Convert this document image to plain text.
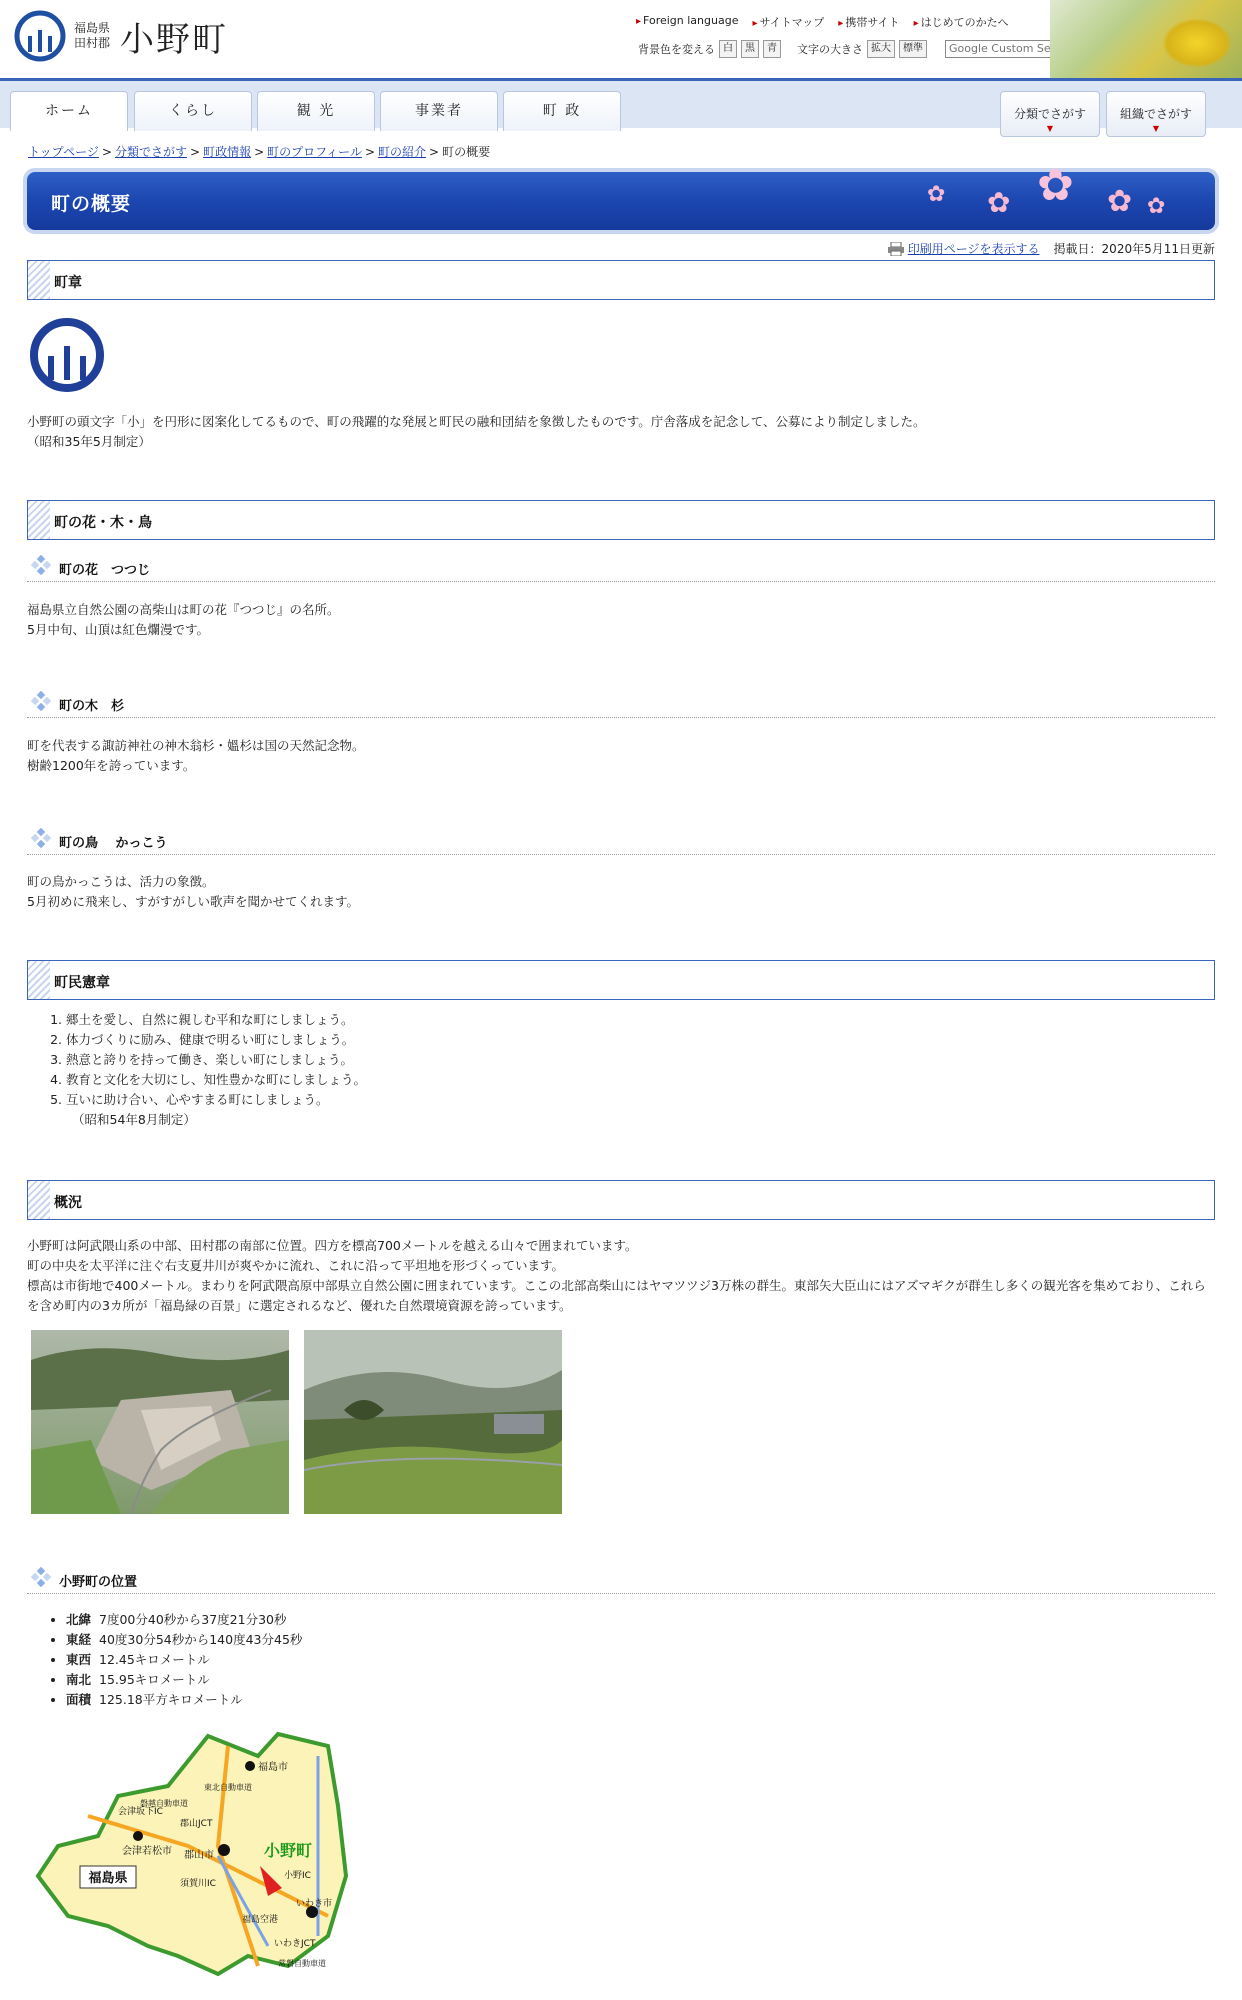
福島県
田村郡 小野町	▸ Foreign language	▸ サイトマップ	▸ 携帯サイト	▸ はじめてのかたへ
背景色を変える 白	黒	青	文字の大きさ 拡大	標準
Google Custom Search
ホーム	くらし	観 光	事業者	町 政	分類でさがす
▼
組織でさがす
▼
トップページ > 分類でさがす > 町政情報 > 町のプロフィール > 町の紹介 > 町の概要
町の概要	✿ ✿ ✿ ✿ ✿
印刷用ページを表示する 掲載日：2020年5月11日更新
町章
小野町の頭文字「小」を円形に図案化してるもので、町の飛躍的な発展と町民の融和団結を象徴したものです。庁舎落成を記念して、公募により制定しました。
（昭和35年5月制定）
町の花・木・鳥
町の花　つつじ
福島県立自然公園の高柴山は町の花『つつじ』の名所。
5月中旬、山頂は紅色爛漫です。
町の木　杉
町を代表する諏訪神社の神木翁杉・媼杉は国の天然記念物。
樹齢1200年を誇っています。
町の鳥　 かっこう
町の鳥かっこうは、活力の象徴。
5月初めに飛来し、すがすがしい歌声を聞かせてくれます。
町民憲章
1. 郷土を愛し、自然に親しむ平和な町にしましょう。
2. 体力づくりに励み、健康で明るい町にしましょう。
3. 熱意と誇りを持って働き、楽しい町にしましょう。
4. 教育と文化を大切にし、知性豊かな町にしましょう。
5. 互いに助け合い、心やすまる町にしましょう。
（昭和54年8月制定）
概況
小野町は阿武隈山系の中部、田村郡の南部に位置。四方を標高700メートルを越える山々で囲まれています。
町の中央を太平洋に注ぐ右支夏井川が爽やかに流れ、これに沿って平坦地を形づくっています。
標高は市街地で400メートル。まわりを阿武隈高原中部県立自然公園に囲まれています。ここの北部高柴山にはヤマツツジ3万株の群生。東部矢大臣山にはアズマギクが群生し多くの観光客を集めており、これらを含め町内の3カ所が「福島緑の百景」に選定されるなど、優れた自然環境資源を誇っています。
小野町の位置
• 北緯 7度00分40秒から37度21分30秒
• 東経 40度30分54秒から140度43分45秒
• 東西 12.45キロメートル
• 南北 15.95キロメートル
• 面積 125.18平方キロメートル
福島県
小野町
福島市
会津若松市 郡山市
いわき市
福島空港
小野IC
いわきJCT
会津坂下IC
郡山JCT
須賀川IC
磐越自動車道
東北自動車道
常磐自動車道
